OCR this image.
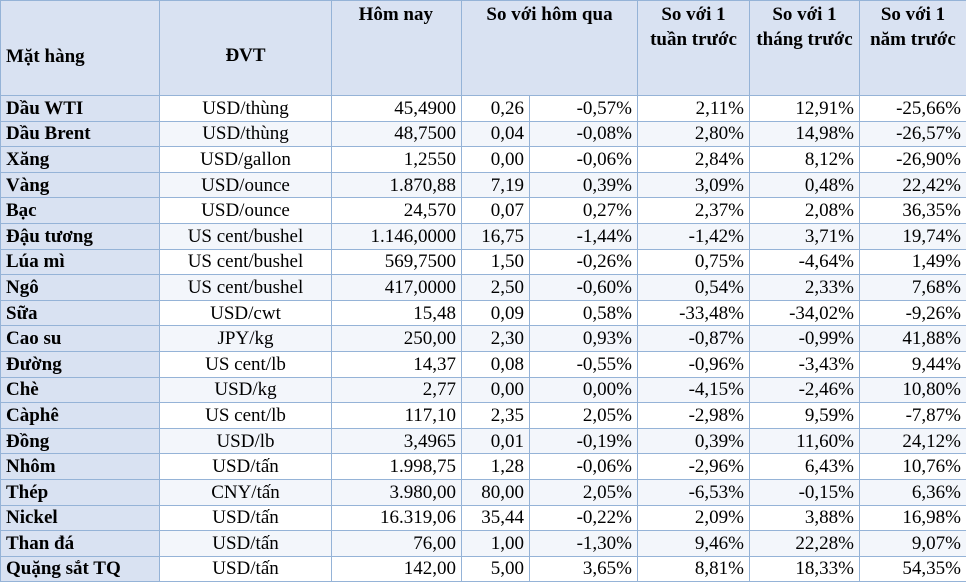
Mặt hàng	ĐVT	Hôm nay	So với hôm qua		So với 1 tuần trước	So với 1 tháng trước	So với 1 năm trước
Dầu WTI	USD/thùng	45,4900	0,26	-0,57%	2,11%	12,91%	-25,66%
Dầu Brent	USD/thùng	48,7500	0,04	-0,08%	2,80%	14,98%	-26,57%
Xăng	USD/gallon	1,2550	0,00	-0,06%	2,84%	8,12%	-26,90%
Vàng	USD/ounce	1.870,88	7,19	0,39%	3,09%	0,48%	22,42%
Bạc	USD/ounce	24,570	0,07	0,27%	2,37%	2,08%	36,35%
Đậu tương	US cent/bushel	1.146,0000	16,75	-1,44%	-1,42%	3,71%	19,74%
Lúa mì	US cent/bushel	569,7500	1,50	-0,26%	0,75%	-4,64%	1,49%
Ngô	US cent/bushel	417,0000	2,50	-0,60%	0,54%	2,33%	7,68%
Sữa	USD/cwt	15,48	0,09	0,58%	-33,48%	-34,02%	-9,26%
Cao su	JPY/kg	250,00	2,30	0,93%	-0,87%	-0,99%	41,88%
Đường	US cent/lb	14,37	0,08	-0,55%	-0,96%	-3,43%	9,44%
Chè	USD/kg	2,77	0,00	0,00%	-4,15%	-2,46%	10,80%
Càphê	US cent/lb	117,10	2,35	2,05%	-2,98%	9,59%	-7,87%
Đồng	USD/lb	3,4965	0,01	-0,19%	0,39%	11,60%	24,12%
Nhôm	USD/tấn	1.998,75	1,28	-0,06%	-2,96%	6,43%	10,76%
Thép	CNY/tấn	3.980,00	80,00	2,05%	-6,53%	-0,15%	6,36%
Nickel	USD/tấn	16.319,06	35,44	-0,22%	2,09%	3,88%	16,98%
Than đá	USD/tấn	76,00	1,00	-1,30%	9,46%	22,28%	9,07%
Quặng sắt TQ	USD/tấn	142,00	5,00	3,65%	8,81%	18,33%	54,35%
